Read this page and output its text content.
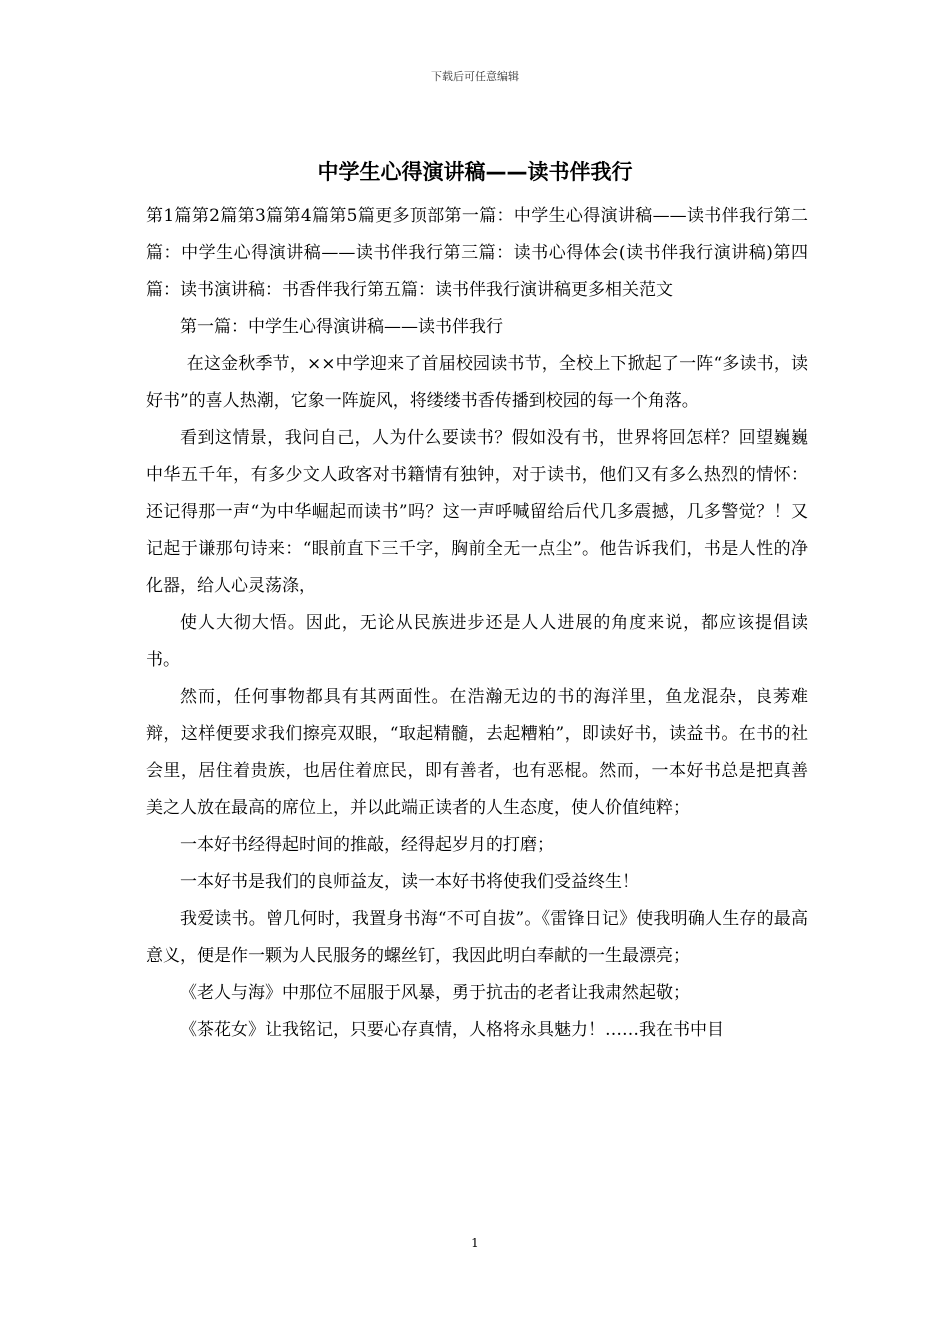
下载后可任意编辑
中学生心得演讲稿——读书伴我行

第1篇第2篇第3篇第4篇第5篇更多顶部第一篇：中学生心得演讲稿——读书伴我行第二篇：中学生心得演讲稿——读书伴我行第三篇：读书心得体会(读书伴我行演讲稿)第四篇：读书演讲稿：书香伴我行第五篇：读书伴我行演讲稿更多相关范文

第一篇：中学生心得演讲稿——读书伴我行

在这金秋季节，××中学迎来了首届校园读书节，全校上下掀起了一阵“多读书，读好书”的喜人热潮，它象一阵旋风，将缕缕书香传播到校园的每一个角落。

看到这情景，我问自己，人为什么要读书？假如没有书，世界将回怎样？回望巍巍中华五千年，有多少文人政客对书籍情有独钟，对于读书，他们又有多么热烈的情怀：还记得那一声“为中华崛起而读书”吗？这一声呼喊留给后代几多震撼，几多警觉？！又记起于谦那句诗来：“眼前直下三千字，胸前全无一点尘”。他告诉我们，书是人性的净化器，给人心灵荡涤，

使人大彻大悟。因此，无论从民族进步还是人人进展的角度来说，都应该提倡读书。

然而，任何事物都具有其两面性。在浩瀚无边的书的海洋里，鱼龙混杂，良莠难辩，这样便要求我们擦亮双眼，“取起精髓，去起糟粕”，即读好书，读益书。在书的社会里，居住着贵族，也居住着庶民，即有善者，也有恶棍。然而，一本好书总是把真善美之人放在最高的席位上，并以此端正读者的人生态度，使人价值纯粹；

一本好书经得起时间的推敲，经得起岁月的打磨；

一本好书是我们的良师益友，读一本好书将使我们受益终生！

我爱读书。曾几何时，我置身书海“不可自拔”。《雷锋日记》使我明确人生存的最高意义，便是作一颗为人民服务的螺丝钉，我因此明白奉献的一生最漂亮；

《老人与海》中那位不屈服于风暴，勇于抗击的老者让我肃然起敬；

《茶花女》让我铭记，只要心存真情，人格将永具魅力！……我在书中目

1
